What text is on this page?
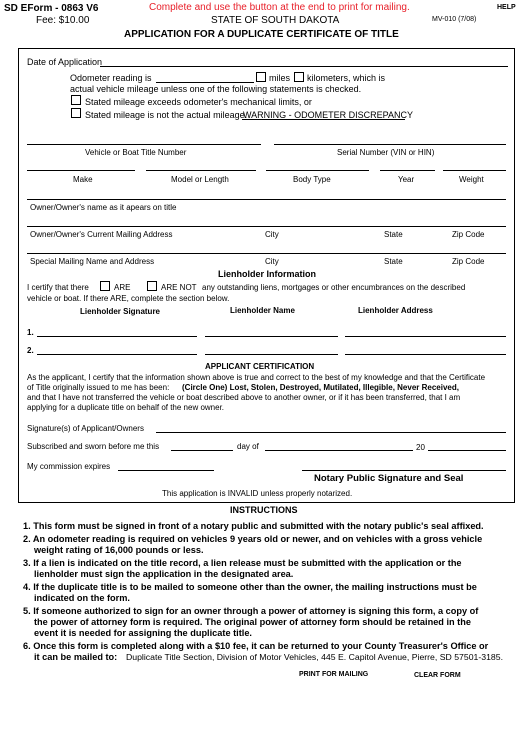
SD EForm - 0863 V6
Fee: $10.00
Complete and use the button at the end to print for mailing.
STATE OF SOUTH DAKOTA	MV-010 (7/08)
HELP
APPLICATION FOR A DUPLICATE CERTIFICATE OF TITLE
Date of Application
Odometer reading is	miles kilometers, which is
actual vehicle mileage unless one of the following statements is checked.
Stated mileage exceeds odometer's mechanical limits, or
Stated mileage is not the actual mileage.
WARNING - ODOMETER DISCREPANCY
Vehicle or Boat Title Number	Serial Number (VIN or HIN)
Make	Model or Length	Body Type	Year	Weight
Owner/Owner's name as it apears on title
Owner/Owner's Current Mailing Address	City	State	Zip Code
Special Mailing Name and Address	City	State	Zip Code
Lienholder Information
I certify that there	ARE	ARE NOT any outstanding liens, mortgages or other encumbrances on the described
vehicle or boat. If there ARE, complete the section below.
Lienholder Signature	Lienholder Name	Lienholder Address
1.
2.
APPLICANT CERTIFICATION
As the applicant, I certify that the information shown above is true and correct to the best of my knowledge and that the Certificate
of Title originally issued to me has been: (Circle One) Lost, Stolen, Destroyed, Mutilated, Illegible, Never Received,
and that I have not transferred the vehicle or boat described above to another owner, or if it has been transferred, that I am
applying for a duplicate title on behalf of the new owner.
Signature(s) of Applicant/Owners
Subscribed and sworn before me this	day of	20
My commission expires
Notary Public Signature and Seal
This application is INVALID unless properly notarized.
INSTRUCTIONS
1. This form must be signed in front of a notary public and submitted with the notary public's seal affixed.
2. An odometer reading is required on vehicles 9 years old or newer, and on vehicles with a gross vehicle
weight rating of 16,000 pounds or less.
3. If a lien is indicated on the title record, a lien release must be submitted with the application or the
lienholder must sign the application in the designated area.
4. If the duplicate title is to be mailed to someone other than the owner, the mailing instructions must be
indicated on the form.
5. If someone authorized to sign for an owner through a power of attorney is signing this form, a copy of
the power of attorney form is required. The original power of attorney form should be retained in the
event it is needed for assigning the duplicate title.
6. Once this form is completed along with a $10 fee, it can be returned to your County Treasurer's Office or
it can be mailed to: Duplicate Title Section, Division of Motor Vehicles, 445 E. Capitol Avenue, Pierre, SD 57501-3185.
PRINT FOR MAILING	CLEAR FORM
